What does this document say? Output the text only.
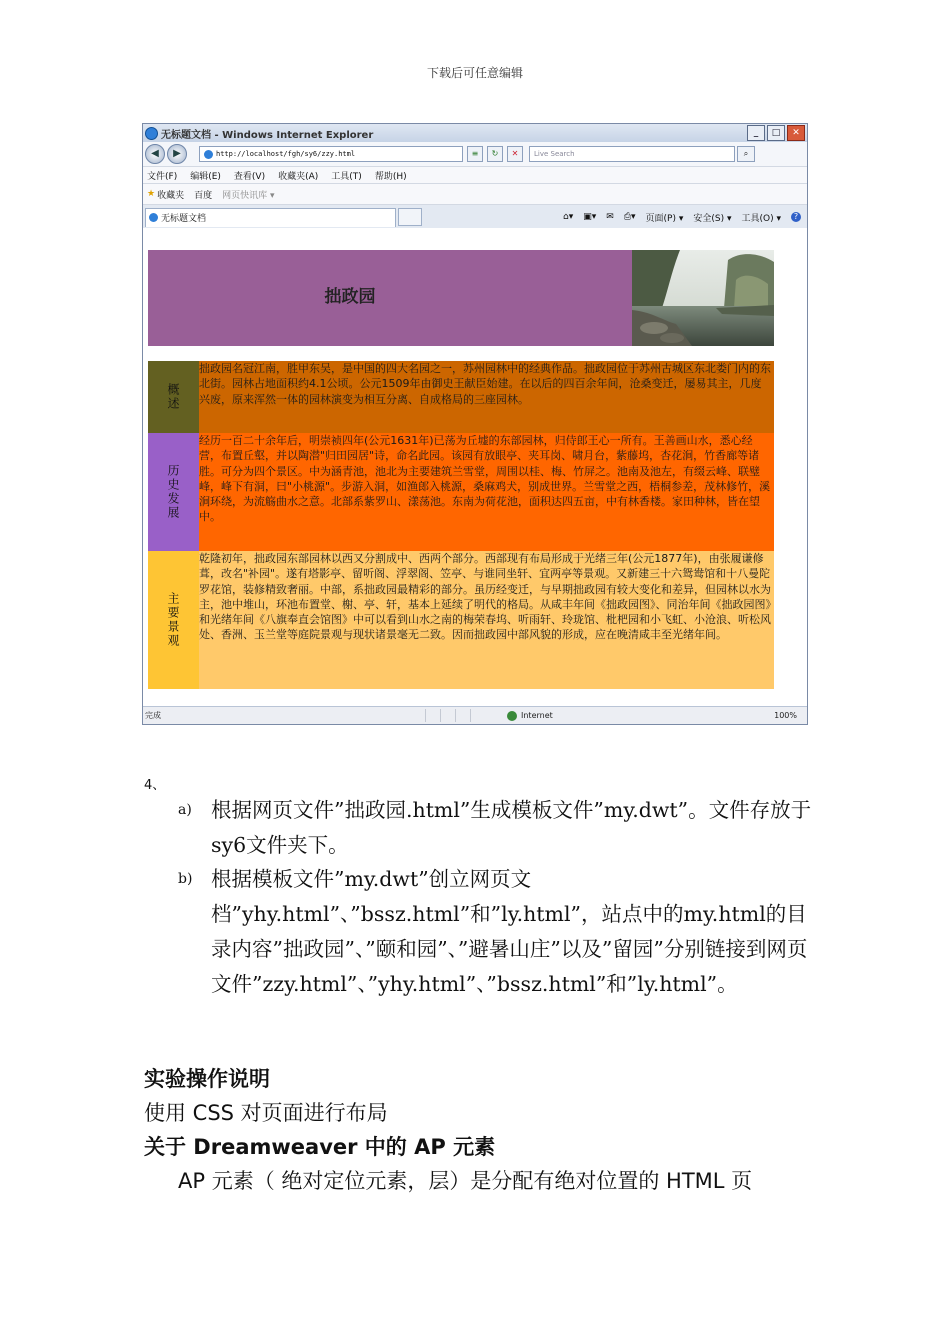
下载后可任意编辑
无标题文档 - Windows Internet Explorer	_	□	✕
◀	▶	http://localhost/fgh/sy6/zzy.html	≡	↻	✕	Live Search	⌕
文件(F) 编辑(E) 查看(V) 收藏夹(A) 工具(T) 帮助(H)
★ 收藏夹 百度 网页快讯库 ▾
无标题文档	⌂▾ ▣▾ ✉ ⎙▾ 页面(P) ▾ 安全(S) ▾ 工具(O) ▾	?
拙政园
概述
拙政园名冠江南，胜甲东吴，是中国的四大名园之一，苏州园林中的经典作品。拙政园位于苏州古城区东北娄门内的东北街。园林占地面积约4.1公顷。公元1509年由御史王献臣始建。在以后的四百余年间，沧桑变迁，屡易其主，几度兴废，原来浑然一体的园林演变为相互分离、自成格局的三座园林。
历史发展
经历一百二十余年后，明崇祯四年(公元1631年)已荡为丘墟的东部园林，归侍郎王心一所有。王善画山水，悉心经营，布置丘壑，并以陶潜"归田园居"诗，命名此园。该园有放眼亭、夹耳岗、啸月台，紫藤坞，杏花涧，竹香廊等诸胜。可分为四个景区。中为涵青池，池北为主要建筑兰雪堂，周围以桂、梅、竹屏之。池南及池左，有缀云峰、联璧峰，峰下有洞，曰"小桃源"。步游入洞，如渔郎入桃源，桑麻鸡犬，别成世界。兰雪堂之西，梧桐参差，茂林修竹，溪涧环绕，为流觞曲水之意。北部系紫罗山、漾荡池。东南为荷花池，面积达四五亩，中有林香楼。家田种林，皆在望中。
主要景观
乾隆初年，拙政园东部园林以西又分割成中、西两个部分。西部现有布局形成于光绪三年(公元1877年)，由张履谦修葺，改名"补园"。遂有塔影亭、留听阁、浮翠阁、笠亭、与谁同坐轩、宜两亭等景观。又新建三十六鸳鸯馆和十八曼陀罗花馆，装修精致奢丽。中部，系拙政园最精彩的部分。虽历经变迁，与早期拙政园有较大变化和差异，但园林以水为主，池中堆山，环池布置堂、榭、亭、轩，基本上延续了明代的格局。从咸丰年间《拙政园图》、同治年间《拙政园图》和光绪年间《八旗奉直会馆图》中可以看到山水之南的梅荣春坞、听雨轩、玲珑馆、枇杷园和小飞虹、小沧浪、听松风处、香洲、玉兰堂等庭院景观与现状诸景毫无二致。因而拙政园中部风貌的形成，应在晚清咸丰至光绪年间。
完成	Internet	100%
4、
a) 根据网页文件”拙政园.html”生成模板文件”my.dwt”。文件存放于sy6文件夹下。
b) 根据模板文件”my.dwt”创立网页文档”yhy.html”、”bssz.html”和”ly.html”，站点中的my.html的目录内容”拙政园”、”颐和园”、”避暑山庄”以及”留园”分别链接到网页文件”zzy.html”、”yhy.html”、”bssz.html”和”ly.html”。
实验操作说明
使用 CSS 对页面进行布局
关于 Dreamweaver 中的 AP 元素
AP 元素（ 绝对定位元素，层）是分配有绝对位置的 HTML 页
